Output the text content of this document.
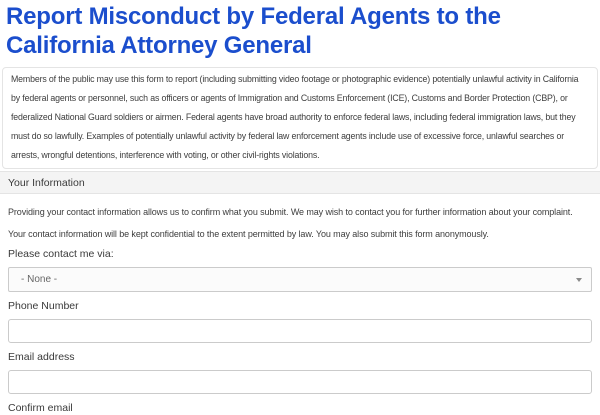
Report Misconduct by Federal Agents to the California Attorney General

Members of the public may use this form to report (including submitting video footage or photographic evidence) potentially unlawful activity in California by federal agents or personnel, such as officers or agents of Immigration and Customs Enforcement (ICE), Customs and Border Protection (CBP), or federalized National Guard soldiers or airmen. Federal agents have broad authority to enforce federal laws, including federal immigration laws, but they must do so lawfully. Examples of potentially unlawful activity by federal law enforcement agents include use of excessive force, unlawful searches or arrests, wrongful detentions, interference with voting, or other civil-rights violations.

Your Information

Providing your contact information allows us to confirm what you submit. We may wish to contact you for further information about your complaint. Your contact information will be kept confidential to the extent permitted by law. You may also submit this form anonymously.

Please contact me via:
- None -
Phone Number
Email address
Confirm email
